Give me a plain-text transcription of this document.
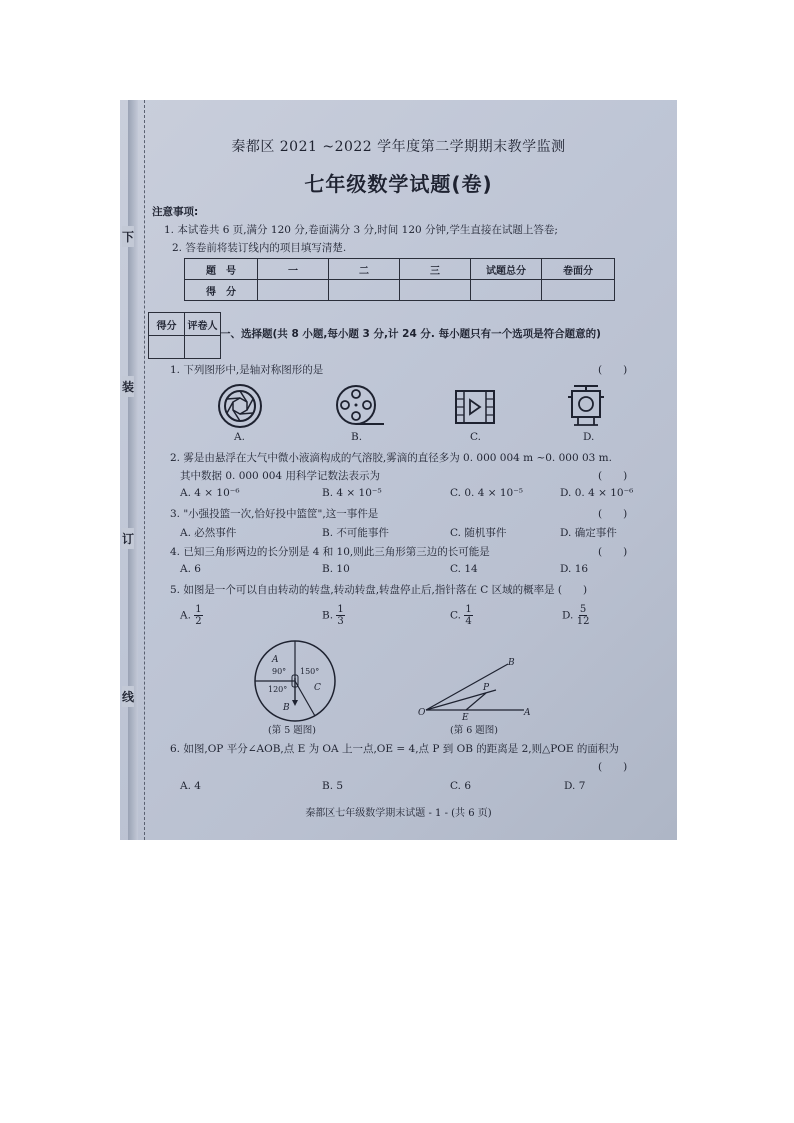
下
装
订
线
秦都区 2021 ~2022 学年度第二学期期末教学监测
七年级数学试题(卷)
注意事项:
1. 本试卷共 6 页,满分 120 分,卷面满分 3 分,时间 120 分钟,学生直接在试题上答卷;
2. 答卷前将装订线内的项目填写清楚.
题　号	一	二	三	试题总分	卷面分
得　分					
得分	评卷人

一、选择题(共 8 小题,每小题 3 分,计 24 分. 每小题只有一个选项是符合题意的)
1. 下列图形中,是轴对称图形的是	(　　)
A.	B.	C.	D.
2. 雾是由悬浮在大气中微小液滴构成的气溶胶,雾滴的直径多为 0. 000 004 m ~0. 000 03 m.
其中数据 0. 000 004 用科学记数法表示为	(　　)
A. 4 × 10⁻⁶	B. 4 × 10⁻⁵	C. 0. 4 × 10⁻⁵	D. 0. 4 × 10⁻⁶
3. "小强投篮一次,恰好投中篮筐",这一事件是	(　　)
A. 必然事件	B. 不可能事件	C. 随机事件	D. 确定事件
4. 已知三角形两边的长分别是 4 和 10,则此三角形第三边的长可能是	(　　)
A. 6	B. 10	C. 14	D. 16
5. 如图是一个可以自由转动的转盘,转动转盘,转盘停止后,指针落在 C 区域的概率是 (　　)
A. $\frac{1}{2}$	B. $\frac{1}{3}$	C. $\frac{1}{4}$	D. $\frac{5}{12}$
A
90° 150°
C
120°
B
(第 5 题图)
O	A
B
P
E
(第 6 题图)
6. 如图,OP 平分∠AOB,点 E 为 OA 上一点,OE = 4,点 P 到 OB 的距离是 2,则△POE 的面积为
(　　)
A. 4	B. 5	C. 6	D. 7
秦都区七年级数学期末试题 - 1 - (共 6 页)
